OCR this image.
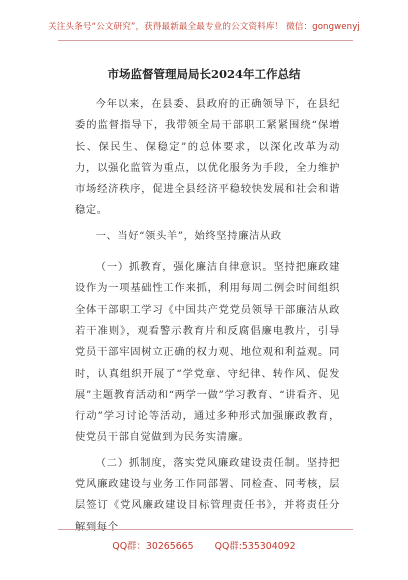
关注头条号“公文研究”，获得最新最全最专业的公文资料库！ 微信：gongwenyj
市场监督管理局局长2024年工作总结

今年以来，在县委、县政府的正确领导下，在县纪委的监督指导下，我带领全局干部职工紧紧围绕“保增长、保民生、保稳定”的总体要求，以深化改革为动力，以强化监管为重点，以优化服务为手段，全力维护市场经济秩序，促进全县经济平稳较快发展和社会和谐稳定。

一、当好“领头羊”，始终坚持廉洁从政

（一）抓教育，强化廉洁自律意识。坚持把廉政建设作为一项基础性工作来抓，利用每周二例会时间组织全体干部职工学习《中国共产党党员领导干部廉洁从政若干准则》，观看警示教育片和反腐倡廉电教片，引导党员干部牢固树立正确的权力观、地位观和利益观。同时，认真组织开展了“学党章、守纪律、转作风、促发展”主题教育活动和“两学一做”学习教育、“讲看齐、见行动”学习讨论等活动，通过多种形式加强廉政教育，使党员干部自觉做到为民务实清廉。

（二）抓制度，落实党风廉政建设责任制。坚持把党风廉政建设与业务工作同部署、同检查、同考核，层层签订《党风廉政建设目标管理责任书》，并将责任分解到每个

QQ群：30265665 QQ群:535304092
